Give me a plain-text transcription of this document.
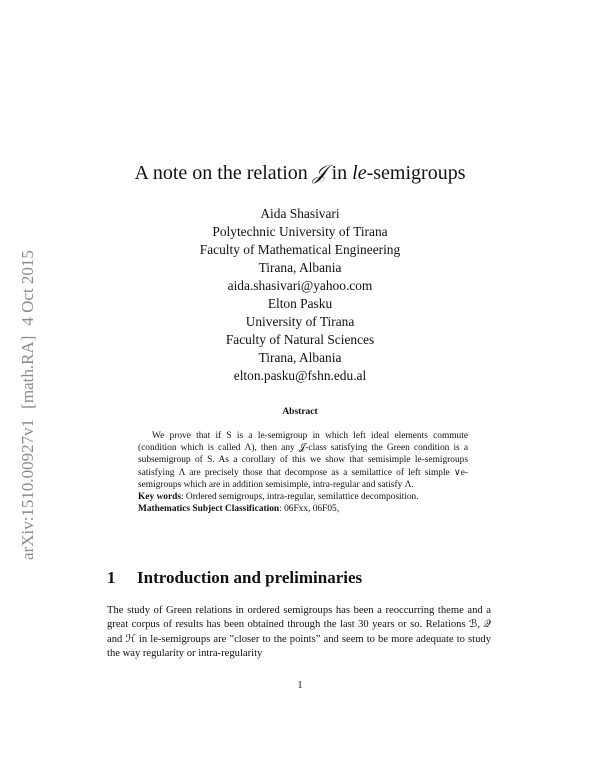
arXiv:1510.00927v1[math.RA]4 Oct 2015
A note on the relation 𝒥 in le-semigroups
Aida Shasivari
Polytechnic University of Tirana
Faculty of Mathematical Engineering
Tirana, Albania
aida.shasivari@yahoo.com
Elton Pasku
University of Tirana
Faculty of Natural Sciences
Tirana, Albania
elton.pasku@fshn.edu.al
Abstract

We prove that if S is a le-semigroup in which left ideal elements commute (condition which is called Λ), then any 𝒥-class satisfying the Green condition is a subsemigroup of S. As a corollary of this we show that semisimple le-semigroups satisfying Λ are precisely those that decompose as a semilattice of left simple ∨e-semigroups which are in addition semisimple, intra-regular and satisfy Λ.

Key words: Ordered semigroups, intra-regular, semilattice decomposition.

Mathematics Subject Classification: 06Fxx, 06F05,

1 Introduction and preliminaries
The study of Green relations in ordered semigroups has been a reoccurring theme and a great corpus of results has been obtained through the last 30 years or so. Relations ℬ, 𝒬 and ℋ in le-semigroups are ”closer to the points” and seem to be more adequate to study the way regularity or intra-regularity
1
